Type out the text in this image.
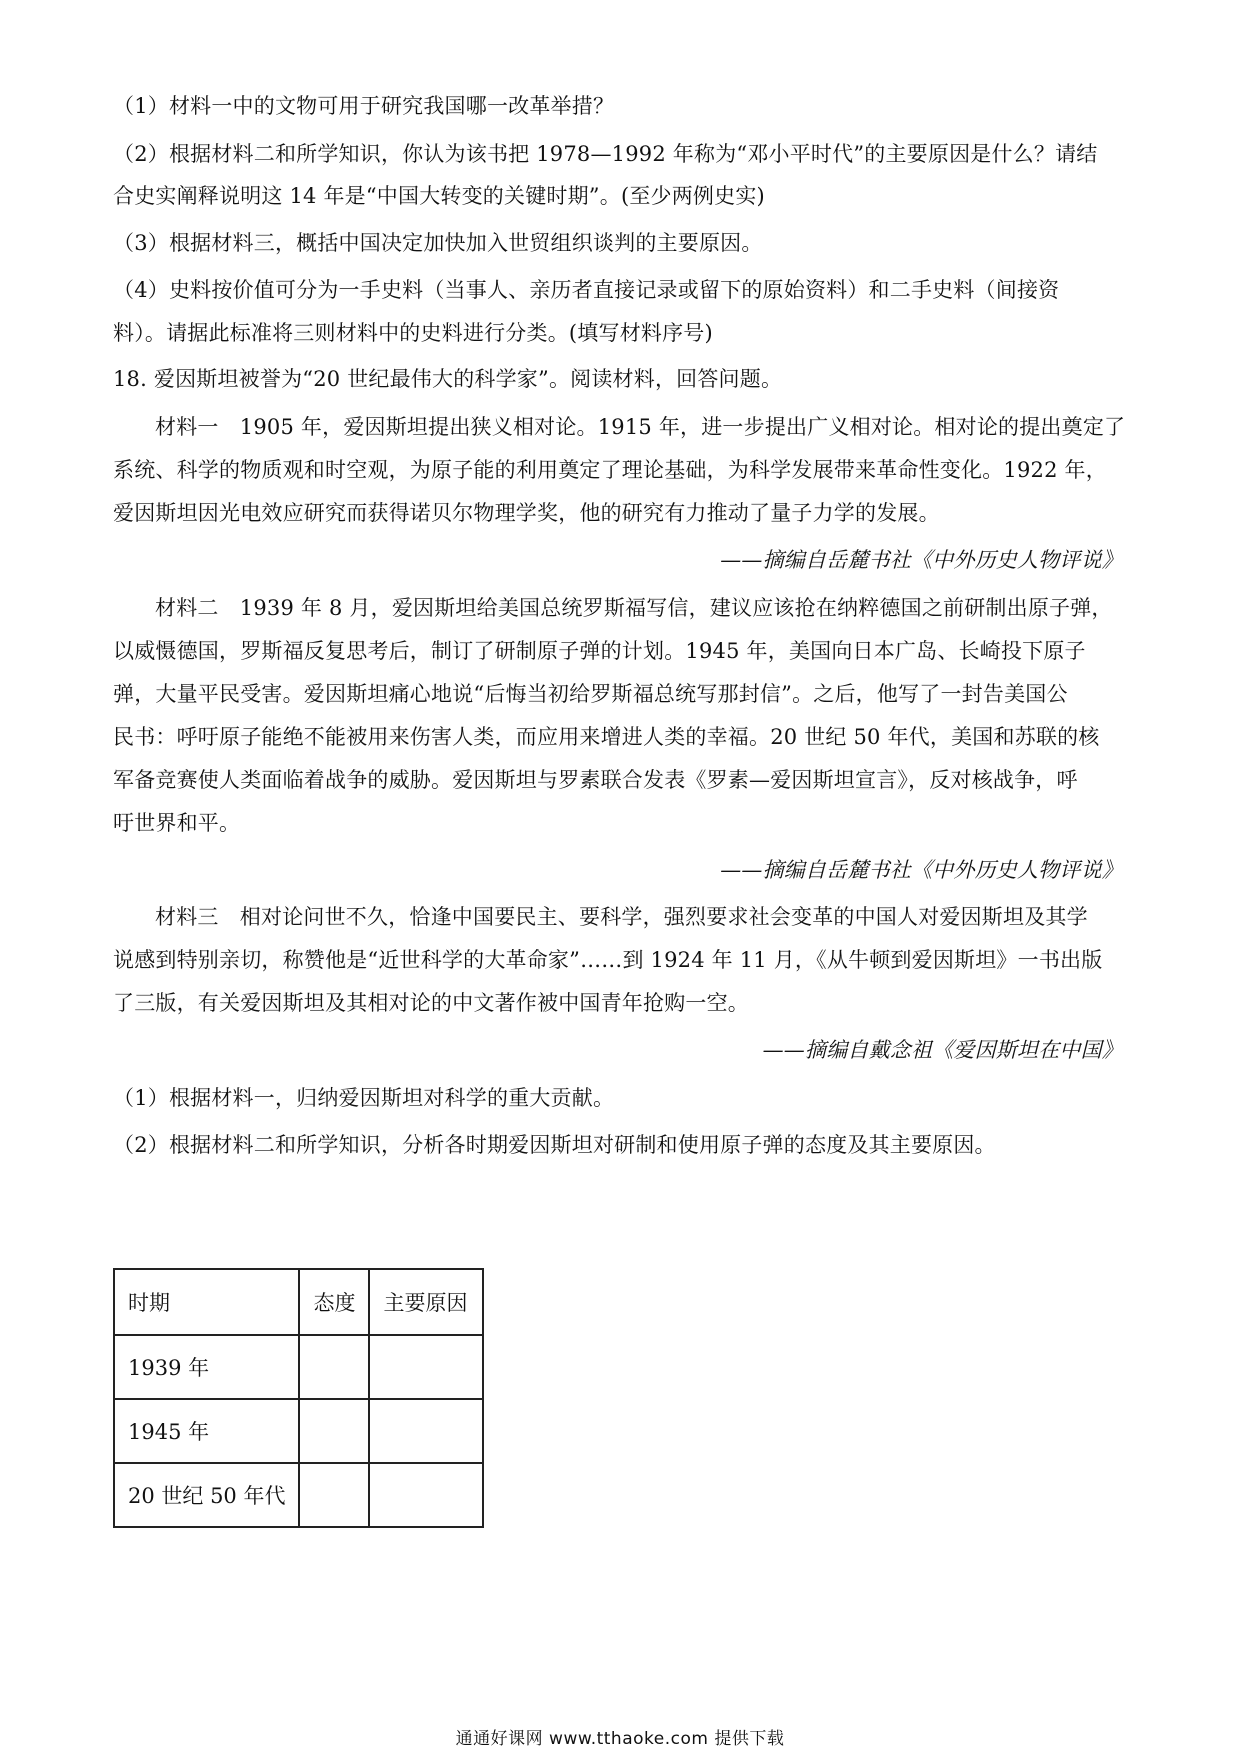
（1）材料一中的文物可用于研究我国哪一改革举措？
（2）根据材料二和所学知识，你认为该书把 1978—1992 年称为“邓小平时代”的主要原因是什么？请结
合史实阐释说明这 14 年是“中国大转变的关键时期”。(至少两例史实)
（3）根据材料三，概括中国决定加快加入世贸组织谈判的主要原因。
（4）史料按价值可分为一手史料（当事人、亲历者直接记录或留下的原始资料）和二手史料（间接资
料）。请据此标准将三则材料中的史料进行分类。(填写材料序号)
18. 爱因斯坦被誉为“20 世纪最伟大的科学家”。阅读材料，回答问题。
材料一　1905 年，爱因斯坦提出狭义相对论。1915 年，进一步提出广义相对论。相对论的提出奠定了
系统、科学的物质观和时空观，为原子能的利用奠定了理论基础，为科学发展带来革命性变化。1922 年，
爱因斯坦因光电效应研究而获得诺贝尔物理学奖，他的研究有力推动了量子力学的发展。
——摘编自岳麓书社《中外历史人物评说》
材料二　1939 年 8 月，爱因斯坦给美国总统罗斯福写信，建议应该抢在纳粹德国之前研制出原子弹，
以威慑德国，罗斯福反复思考后，制订了研制原子弹的计划。1945 年，美国向日本广岛、长崎投下原子
弹，大量平民受害。爱因斯坦痛心地说“后悔当初给罗斯福总统写那封信”。之后，他写了一封告美国公
民书：呼吁原子能绝不能被用来伤害人类，而应用来增进人类的幸福。20 世纪 50 年代，美国和苏联的核
军备竞赛使人类面临着战争的威胁。爱因斯坦与罗素联合发表《罗素—爱因斯坦宣言》，反对核战争，呼
吁世界和平。
——摘编自岳麓书社《中外历史人物评说》
材料三　相对论问世不久，恰逢中国要民主、要科学，强烈要求社会变革的中国人对爱因斯坦及其学
说感到特别亲切，称赞他是“近世科学的大革命家”……到 1924 年 11 月，《从牛顿到爱因斯坦》一书出版
了三版，有关爱因斯坦及其相对论的中文著作被中国青年抢购一空。
——摘编自戴念祖《爱因斯坦在中国》
（1）根据材料一，归纳爱因斯坦对科学的重大贡献。
（2）根据材料二和所学知识，分析各时期爱因斯坦对研制和使用原子弹的态度及其主要原因。
时期	态度	主要原因
1939 年		
1945 年		
20 世纪 50 年代		
通通好课网 www.tthaoke.com 提供下载
